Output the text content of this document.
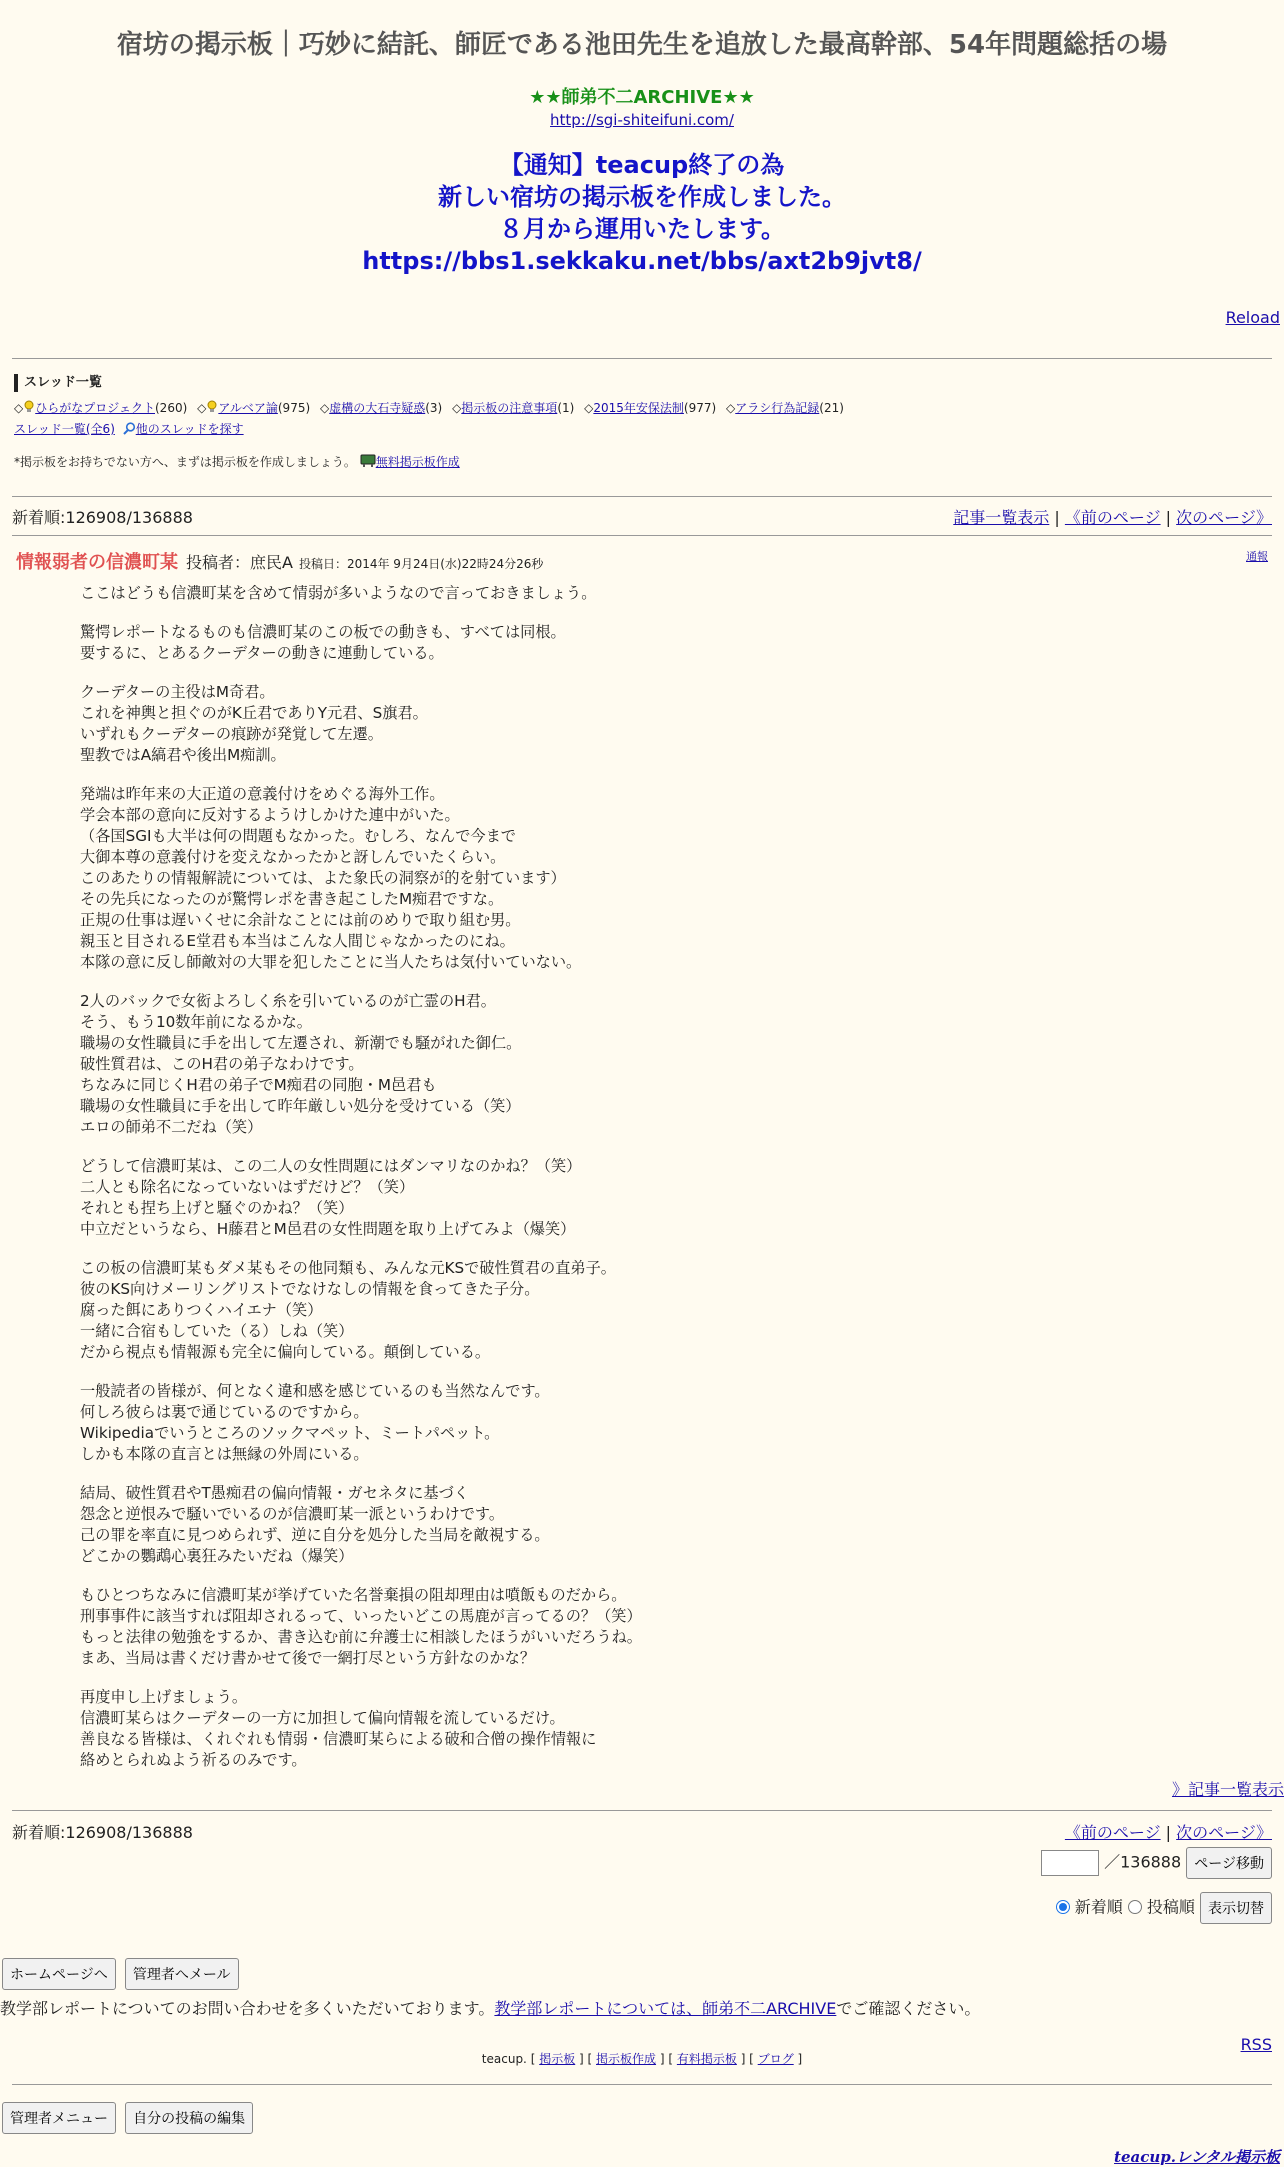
宿坊の掲示板｜巧妙に結託、師匠である池田先生を追放した最高幹部、54年問題総括の場
★★師弟不二ARCHIVE★★
http://sgi-shiteifuni.com/
【通知】teacup終了の為
新しい宿坊の掲示板を作成しました。
８月から運用いたします。
https://bbs1.sekkaku.net/bbs/axt2b9jvt8/
Reload
スレッド一覧
◇ ひらがなプロジェクト(260) ◇ アルベア論(975) ◇虚構の大石寺疑惑(3) ◇掲示板の注意事項(1) ◇2015年安保法制(977) ◇アラシ行為記録(21)
スレッド一覧(全6) 他のスレッドを探す
*掲示板をお持ちでない方へ、まずは掲示板を作成しましょう。 無料掲示板作成
新着順:126908/136888	記事一覧表示 | 《前のページ | 次のページ》
情報弱者の信濃町某 投稿者：庶民A 投稿日：2014年 9月24日(水)22時24分26秒
通報

ここはどうも信濃町某を含めて情弱が多いようなので言っておきましょう。

驚愕レポートなるものも信濃町某のこの板での動きも、すべては同根。
要するに、とあるクーデターの動きに連動している。

クーデターの主役はM奇君。
これを神輿と担ぐのがK丘君でありY元君、S旗君。
いずれもクーデターの痕跡が発覚して左遷。
聖教ではA縞君や後出M痴訓。

発端は昨年来の大正道の意義付けをめぐる海外工作。
学会本部の意向に反対するようけしかけた連中がいた。
（各国SGIも大半は何の問題もなかった。むしろ、なんで今まで
大御本尊の意義付けを変えなかったかと訝しんでいたくらい。
このあたりの情報解読については、よた象氏の洞察が的を射ています）
その先兵になったのが驚愕レポを書き起こしたM痴君ですな。
正規の仕事は遅いくせに余計なことには前のめりで取り組む男。
親玉と目されるE堂君も本当はこんな人間じゃなかったのにね。
本隊の意に反し師敵対の大罪を犯したことに当人たちは気付いていない。

2人のバックで女衒よろしく糸を引いているのが亡霊のH君。
そう、もう10数年前になるかな。
職場の女性職員に手を出して左遷され、新潮でも騒がれた御仁。
破性質君は、このH君の弟子なわけです。
ちなみに同じくH君の弟子でM痴君の同胞・M邑君も
職場の女性職員に手を出して昨年厳しい処分を受けている（笑）
エロの師弟不二だね（笑）

どうして信濃町某は、この二人の女性問題にはダンマリなのかね？（笑）
二人とも除名になっていないはずだけど？（笑）
それとも捏ち上げと騒ぐのかね？（笑）
中立だというなら、H藤君とM邑君の女性問題を取り上げてみよ（爆笑）

この板の信濃町某もダメ某もその他同類も、みんな元KSで破性質君の直弟子。
彼のKS向けメーリングリストでなけなしの情報を食ってきた子分。
腐った餌にありつくハイエナ（笑）
一緒に合宿もしていた（る）しね（笑）
だから視点も情報源も完全に偏向している。顛倒している。

一般読者の皆様が、何となく違和感を感じているのも当然なんです。
何しろ彼らは裏で通じているのですから。
Wikipediaでいうところのソックマペット、ミートパペット。
しかも本隊の直言とは無縁の外周にいる。

結局、破性質君やT愚痴君の偏向情報・ガセネタに基づく
怨念と逆恨みで騒いでいるのが信濃町某一派というわけです。
己の罪を率直に見つめられず、逆に自分を処分した当局を敵視する。
どこかの鸚鵡心裏狂みたいだね（爆笑）

もひとつちなみに信濃町某が挙げていた名誉棄損の阻却理由は噴飯ものだから。
刑事事件に該当すれば阻却されるって、いったいどこの馬鹿が言ってるの？（笑）
もっと法律の勉強をするか、書き込む前に弁護士に相談したほうがいいだろうね。
まあ、当局は書くだけ書かせて後で一網打尽という方針なのかな？

再度申し上げましょう。
信濃町某らはクーデターの一方に加担して偏向情報を流しているだけ。
善良なる皆様は、くれぐれも情弱・信濃町某らによる破和合僧の操作情報に
絡めとられぬよう祈るのみです。

》記事一覧表示
新着順:126908/136888	《前のページ | 次のページ》
／136888 ページ移動
新着順 投稿順 表示切替
ホームページへ 管理者へメール
教学部レポートについてのお問い合わせを多くいただいております。教学部レポートについては、師弟不二ARCHIVEでご確認ください。
RSS
teacup. [ 掲示板 ] [ 掲示板作成 ] [ 有料掲示板 ] [ ブログ ]
管理者メニュー 自分の投稿の編集
teacup.レンタル掲示板
